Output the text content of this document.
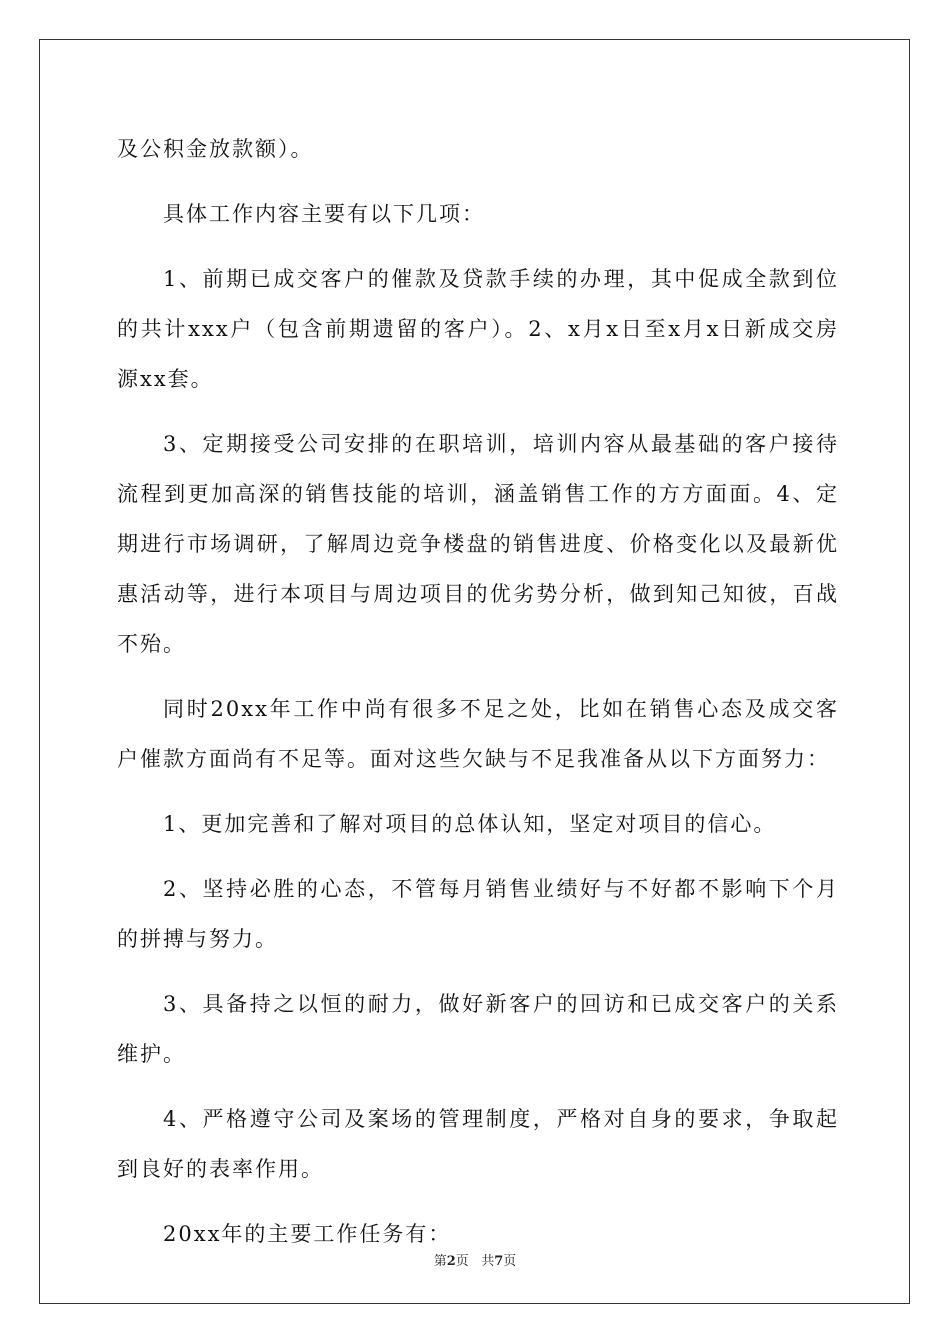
及公积金放款额）。

具体工作内容主要有以下几项：

1、前期已成交客户的催款及贷款手续的办理，其中促成全款到位的共计xxx户（包含前期遗留的客户）。2、x月x日至x月x日新成交房源xx套。

3、定期接受公司安排的在职培训，培训内容从最基础的客户接待流程到更加高深的销售技能的培训，涵盖销售工作的方方面面。4、定期进行市场调研，了解周边竞争楼盘的销售进度、价格变化以及最新优惠活动等，进行本项目与周边项目的优劣势分析，做到知己知彼，百战不殆。

同时20xx年工作中尚有很多不足之处，比如在销售心态及成交客户催款方面尚有不足等。面对这些欠缺与不足我准备从以下方面努力：

1、更加完善和了解对项目的总体认知，坚定对项目的信心。

2、坚持必胜的心态，不管每月销售业绩好与不好都不影响下个月的拼搏与努力。

3、具备持之以恒的耐力，做好新客户的回访和已成交客户的关系维护。

4、严格遵守公司及案场的管理制度，严格对自身的要求，争取起到良好的表率作用。

20xx年的主要工作任务有：

第2页 共7页
